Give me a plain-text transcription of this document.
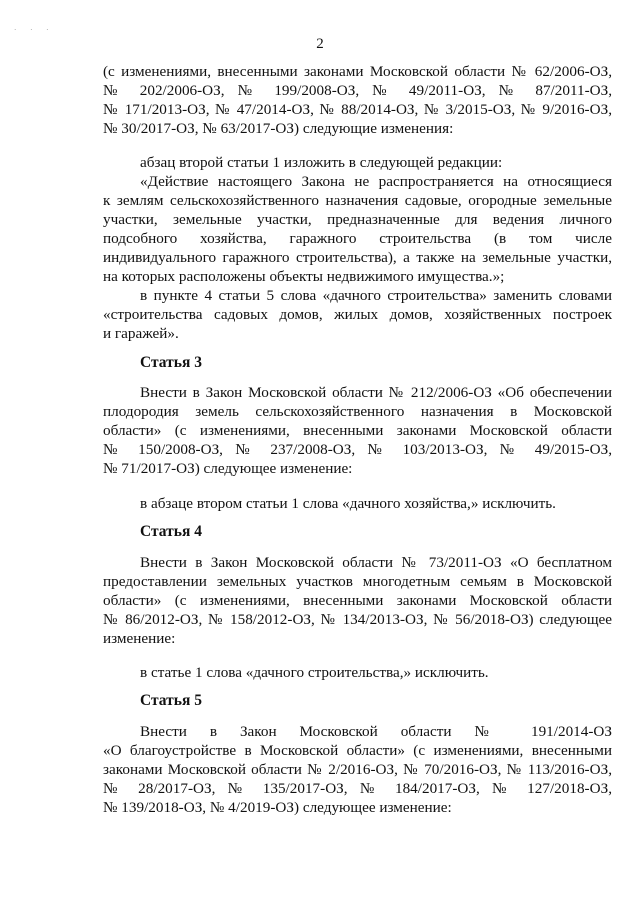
· · ·
2
(с изменениями, внесенными законами Московской области № 62/2006-ОЗ,
№ 202/2006-ОЗ, № 199/2008-ОЗ, № 49/2011-ОЗ, № 87/2011-ОЗ,
№ 171/2013-ОЗ, № 47/2014-ОЗ, № 88/2014-ОЗ, № 3/2015-ОЗ, № 9/2016-ОЗ,
№ 30/2017-ОЗ, № 63/2017-ОЗ) следующие изменения:
абзац второй статьи 1 изложить в следующей редакции:
«Действие настоящего Закона не распространяется на относящиеся
к землям сельскохозяйственного назначения садовые, огородные земельные
участки, земельные участки, предназначенные для ведения личного
подсобного хозяйства, гаражного строительства (в том числе
индивидуального гаражного строительства), а также на земельные участки,
на которых расположены объекты недвижимого имущества.»;
в пункте 4 статьи 5 слова «дачного строительства» заменить словами
«строительства садовых домов, жилых домов, хозяйственных построек
и гаражей».
Статья 3
Внести в Закон Московской области № 212/2006-ОЗ «Об обеспечении
плодородия земель сельскохозяйственного назначения в Московской
области» (с изменениями, внесенными законами Московской области
№ 150/2008-ОЗ, № 237/2008-ОЗ, № 103/2013-ОЗ, № 49/2015-ОЗ,
№ 71/2017-ОЗ) следующее изменение:
в абзаце втором статьи 1 слова «дачного хозяйства,» исключить.
Статья 4
Внести в Закон Московской области № 73/2011-ОЗ «О бесплатном
предоставлении земельных участков многодетным семьям в Московской
области» (с изменениями, внесенными законами Московской области
№ 86/2012-ОЗ, № 158/2012-ОЗ, № 134/2013-ОЗ, № 56/2018-ОЗ) следующее
изменение:
в статье 1 слова «дачного строительства,» исключить.
Статья 5
Внести в Закон Московской области № 191/2014-ОЗ
«О благоустройстве в Московской области» (с изменениями, внесенными
законами Московской области № 2/2016-ОЗ, № 70/2016-ОЗ, № 113/2016-ОЗ,
№ 28/2017-ОЗ, № 135/2017-ОЗ, № 184/2017-ОЗ, № 127/2018-ОЗ,
№ 139/2018-ОЗ, № 4/2019-ОЗ) следующее изменение:
